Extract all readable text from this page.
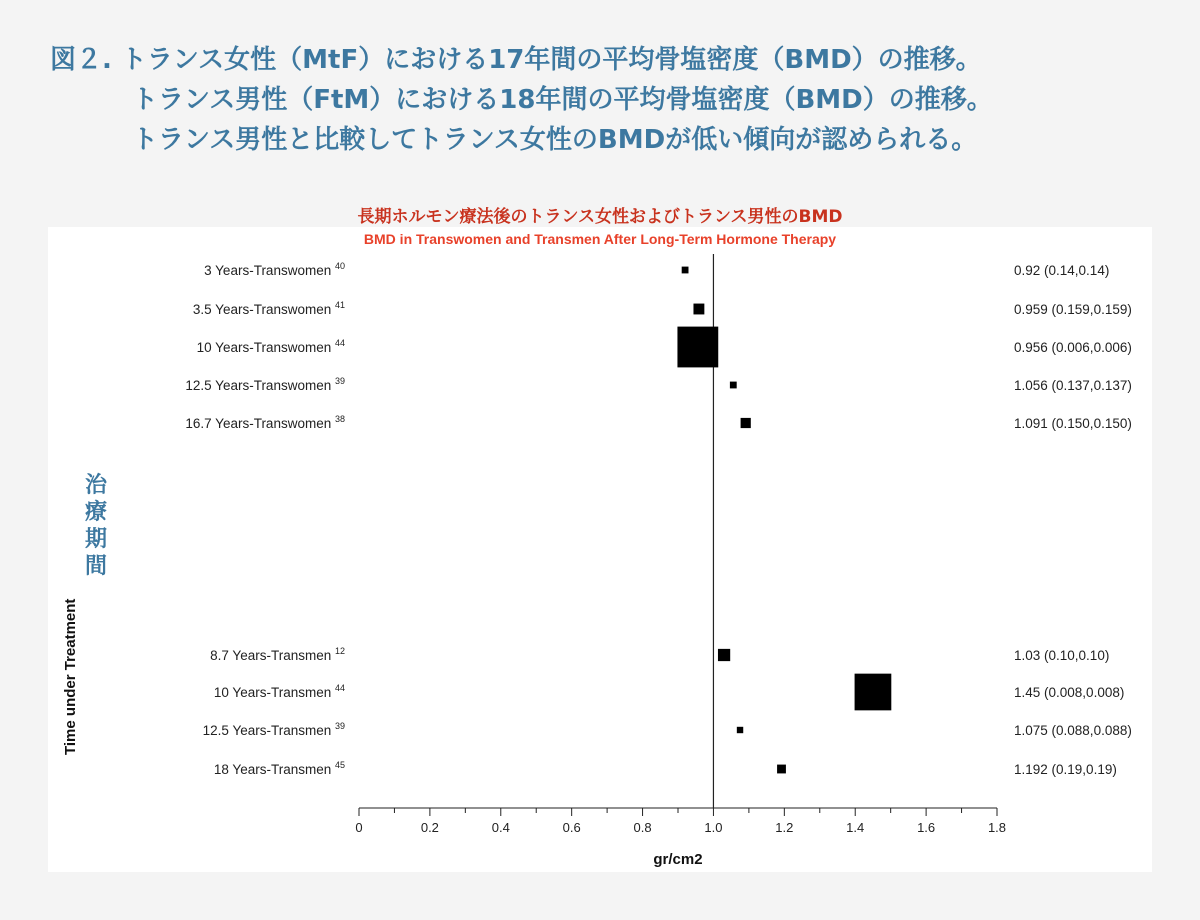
図２. トランス女性（MtF）における17年間の平均骨塩密度（BMD）の推移。
トランス男性（FtM）における18年間の平均骨塩密度（BMD）の推移。
トランス男性と比較してトランス女性のBMDが低い傾向が認められる。
長期ホルモン療法後のトランス女性およびトランス男性のBMD
BMD in Transwomen and Transmen After Long-Term Hormone Therapy
Time under Treatment
治療期間
0	0.2	0.4	0.6	0.8	1.0	1.2	1.4	1.6	1.8
gr/cm2
3 Years-Transwomen $^{40}$	0.92 (0.14,0.14)
3.5 Years-Transwomen $^{41}$	0.959 (0.159,0.159)
10 Years-Transwomen $^{44}$	0.956 (0.006,0.006)
12.5 Years-Transwomen $^{39}$	1.056 (0.137,0.137)
16.7 Years-Transwomen $^{38}$	1.091 (0.150,0.150)
8.7 Years-Transmen $^{12}$	1.03 (0.10,0.10)
10 Years-Transmen $^{44}$	1.45 (0.008,0.008)
12.5 Years-Transmen $^{39}$	1.075 (0.088,0.088)
18 Years-Transmen $^{45}$	1.192 (0.19,0.19)
